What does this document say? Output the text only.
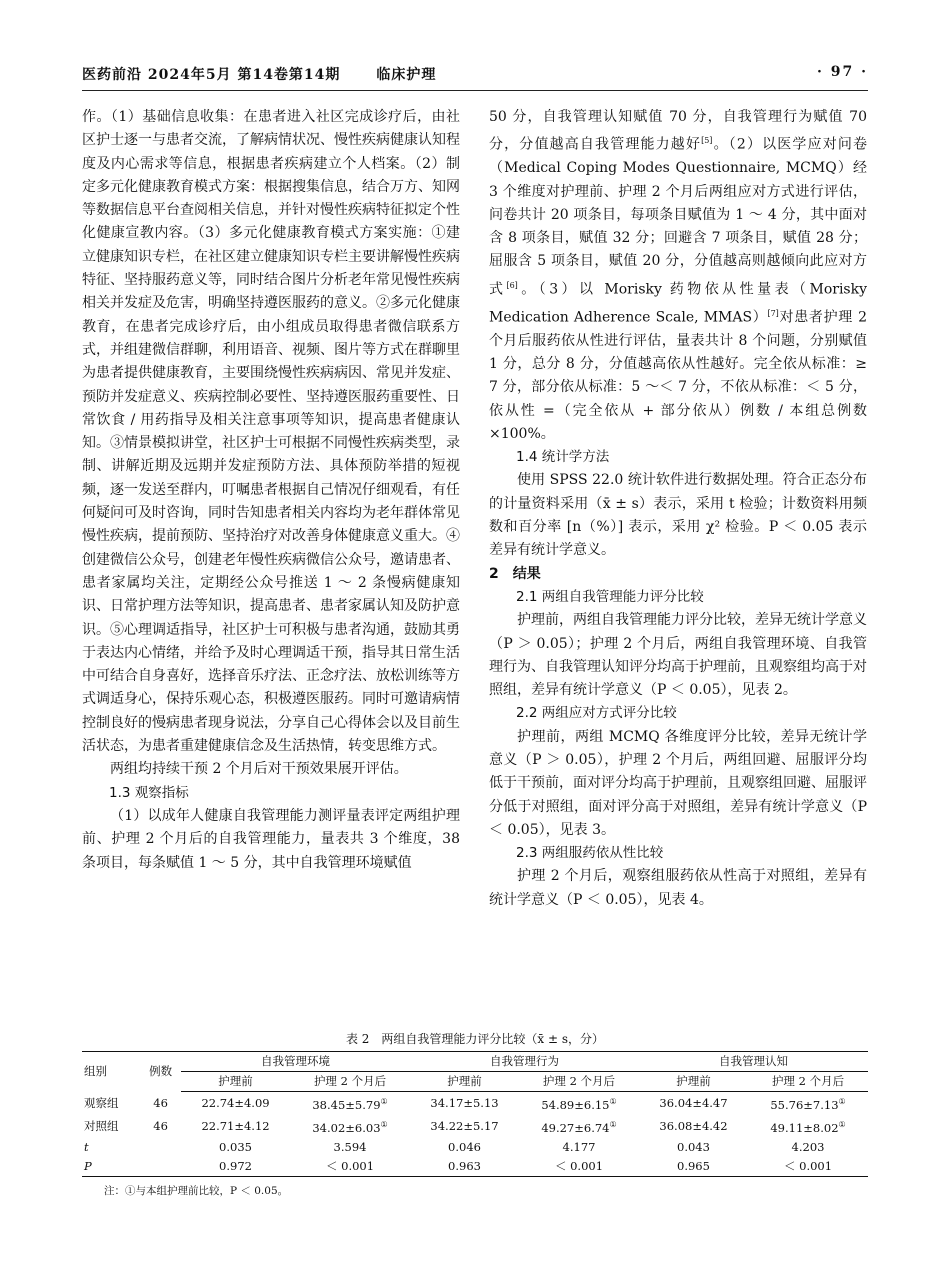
医药前沿 2024年5月 第14卷第14期	临床护理	· 97 ·

作。（1）基础信息收集：在患者进入社区完成诊疗后，由社区护士逐一与患者交流，了解病情状况、慢性疾病健康认知程度及内心需求等信息，根据患者疾病建立个人档案。（2）制定多元化健康教育模式方案：根据搜集信息，结合万方、知网等数据信息平台查阅相关信息，并针对慢性疾病特征拟定个性化健康宣教内容。（3）多元化健康教育模式方案实施：①建立健康知识专栏，在社区建立健康知识专栏主要讲解慢性疾病特征、坚持服药意义等，同时结合图片分析老年常见慢性疾病相关并发症及危害，明确坚持遵医服药的意义。②多元化健康教育，在患者完成诊疗后，由小组成员取得患者微信联系方式，并组建微信群聊，利用语音、视频、图片等方式在群聊里为患者提供健康教育，主要围绕慢性疾病病因、常见并发症、预防并发症意义、疾病控制必要性、坚持遵医服药重要性、日常饮食 / 用药指导及相关注意事项等知识，提高患者健康认知。③情景模拟讲堂，社区护士可根据不同慢性疾病类型，录制、讲解近期及远期并发症预防方法、具体预防举措的短视频，逐一发送至群内，叮嘱患者根据自己情况仔细观看，有任何疑问可及时咨询，同时告知患者相关内容均为老年群体常见慢性疾病，提前预防、坚持治疗对改善身体健康意义重大。④创建微信公众号，创建老年慢性疾病微信公众号，邀请患者、患者家属均关注，定期经公众号推送 1 ～ 2 条慢病健康知识、日常护理方法等知识，提高患者、患者家属认知及防护意识。⑤心理调适指导，社区护士可积极与患者沟通，鼓励其勇于表达内心情绪，并给予及时心理调适干预，指导其日常生活中可结合自身喜好，选择音乐疗法、正念疗法、放松训练等方式调适身心，保持乐观心态，积极遵医服药。同时可邀请病情控制良好的慢病患者现身说法，分享自己心得体会以及目前生活状态，为患者重建健康信念及生活热情，转变思维方式。

两组均持续干预 2 个月后对干预效果展开评估。

1.3 观察指标

（1）以成年人健康自我管理能力测评量表评定两组护理前、护理 2 个月后的自我管理能力，量表共 3 个维度，38 条项目，每条赋值 1 ～ 5 分，其中自我管理环境赋值

50 分，自我管理认知赋值 70 分，自我管理行为赋值 70 分，分值越高自我管理能力越好[5]。（2）以医学应对问卷（Medical Coping Modes Questionnaire, MCMQ）经 3 个维度对护理前、护理 2 个月后两组应对方式进行评估，问卷共计 20 项条目，每项条目赋值为 1 ～ 4 分，其中面对含 8 项条目，赋值 32 分；回避含 7 项条目，赋值 28 分；屈服含 5 项条目，赋值 20 分，分值越高则越倾向此应对方式[6]。（3）以 Morisky 药物依从性量表（Morisky Medication Adherence Scale, MMAS）[7]对患者护理 2 个月后服药依从性进行评估，量表共计 8 个问题，分别赋值 1 分，总分 8 分，分值越高依从性越好。完全依从标准：≥ 7 分，部分依从标准：5 ～＜ 7 分，不依从标准：＜ 5 分，依从性 =（完全依从 + 部分依从）例数 / 本组总例数 ×100%。

1.4 统计学方法

使用 SPSS 22.0 统计软件进行数据处理。符合正态分布的计量资料采用（x̄ ± s）表示，采用 t 检验；计数资料用频数和百分率 [n（%）] 表示，采用 χ² 检验。P ＜ 0.05 表示差异有统计学意义。

2　结果

2.1 两组自我管理能力评分比较

护理前，两组自我管理能力评分比较，差异无统计学意义（P ＞ 0.05）；护理 2 个月后，两组自我管理环境、自我管理行为、自我管理认知评分均高于护理前，且观察组均高于对照组，差异有统计学意义（P ＜ 0.05），见表 2。

2.2 两组应对方式评分比较

护理前，两组 MCMQ 各维度评分比较，差异无统计学意义（P ＞ 0.05），护理 2 个月后，两组回避、屈服评分均低于干预前，面对评分均高于护理前，且观察组回避、屈服评分低于对照组，面对评分高于对照组，差异有统计学意义（P ＜ 0.05），见表 3。

2.3 两组服药依从性比较

护理 2 个月后，观察组服药依从性高于对照组，差异有统计学意义（P ＜ 0.05），见表 4。

表 2　两组自我管理能力评分比较（x̄ ± s，分）
组别	例数	自我管理环境		自我管理行为		自我管理认知	
		护理前	护理 2 个月后	护理前	护理 2 个月后	护理前	护理 2 个月后
观察组	46	22.74±4.09	38.45±5.79①	34.17±5.13	54.89±6.15①	36.04±4.47	55.76±7.13①
对照组	46	22.71±4.12	34.02±6.03①	34.22±5.17	49.27±6.74①	36.08±4.42	49.11±8.02①
t		0.035	3.594	0.046	4.177	0.043	4.203
P		0.972	＜ 0.001	0.963	＜ 0.001	0.965	＜ 0.001
注：①与本组护理前比较，P ＜ 0.05。
